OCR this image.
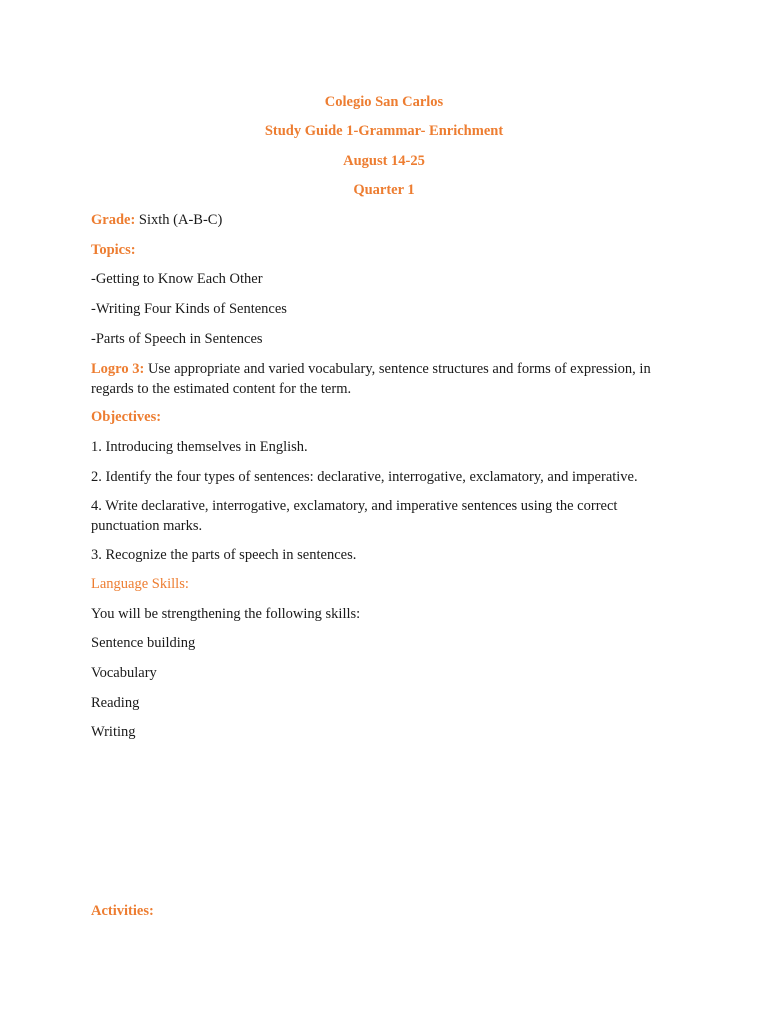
Colegio San Carlos
Study Guide 1-Grammar- Enrichment
August 14-25
Quarter 1
Grade: Sixth (A-B-C)
Topics:
-Getting to Know Each Other
-Writing Four Kinds of Sentences
-Parts of Speech in Sentences
Logro 3: Use appropriate and varied vocabulary, sentence structures and forms of expression, in regards to the estimated content for the term.
Objectives:
1. Introducing themselves in English.
2. Identify the four types of sentences: declarative, interrogative, exclamatory, and imperative.
4. Write declarative, interrogative, exclamatory, and imperative sentences using the correct punctuation marks.
3. Recognize the parts of speech in sentences.
Language Skills:
You will be strengthening the following skills:
Sentence building
Vocabulary
Reading
Writing
Activities:
